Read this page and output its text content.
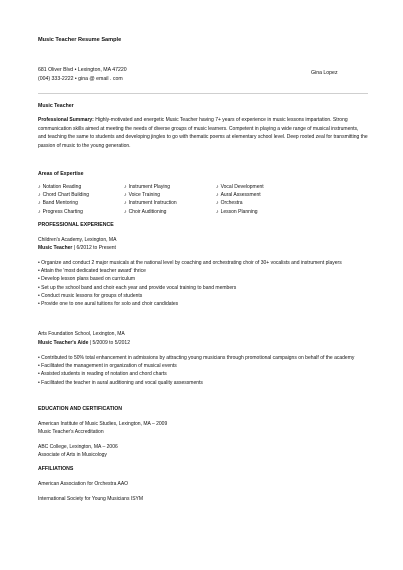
Music Teacher Resume Sample
681 Oliver Blvd • Lexington, MA 47220
(004) 333-2222 • gina @ email . com
Gina Lopez
Music Teacher
Professional Summary: Highly-motivated and energetic Music Teacher having 7+ years of experience in music lessons impartation. Strong communication skills aimed at meeting the needs of diverse groups of music learners. Competent in playing a wide range of musical instruments, and teaching the same to students and developing jingles to go with thematic poems at elementary school level. Deep rooted zeal for transmitting the passion of music to the young generation.
Areas of Expertise
♪ Notation Reading
♪ Chord Chart Building
♪ Band Mentoring
♪ Progress Charting
♪ Instrument Playing
♪ Voice Training
♪ Instrument Instruction
♪ Choir Auditioning
♪ Vocal Development
♪ Aural Assessment
♪ Orchestra
♪ Lesson Planning
PROFESSIONAL EXPERIENCE
Children's Academy, Lexington, MA
Music Teacher | 6/2012 to Present
• Organize and conduct 2 major musicals at the national level by coaching and orchestrating choir of 30+ vocalists and instrument players
• Attain the 'most dedicated teacher award' thrice
• Develop lesson plans based on curriculum
• Set up the school band and choir each year and provide vocal training to band members
• Conduct music lessons for groups of students
• Provide one to one aural tuitions for solo and choir candidates
Arts Foundation School, Lexington, MA
Music Teacher's Aide | 5/2009 to 5/2012
• Contributed to 50% total enhancement in admissions by attracting young musicians through promotional campaigns on behalf of the academy
• Facilitated the management in organization of musical events
• Assisted students in reading of notation and chord charts
• Facilitated the teacher in aural auditioning and vocal quality assessments
EDUCATION AND CERTIFICATION
American Institute of Music Studies, Lexington, MA – 2009
Music Teacher's Accreditation
ABC College, Lexington, MA – 2006
Associate of Arts in Musicology
AFFILIATIONS
American Association for Orchestra AAO
International Society for Young Musicians ISYM
